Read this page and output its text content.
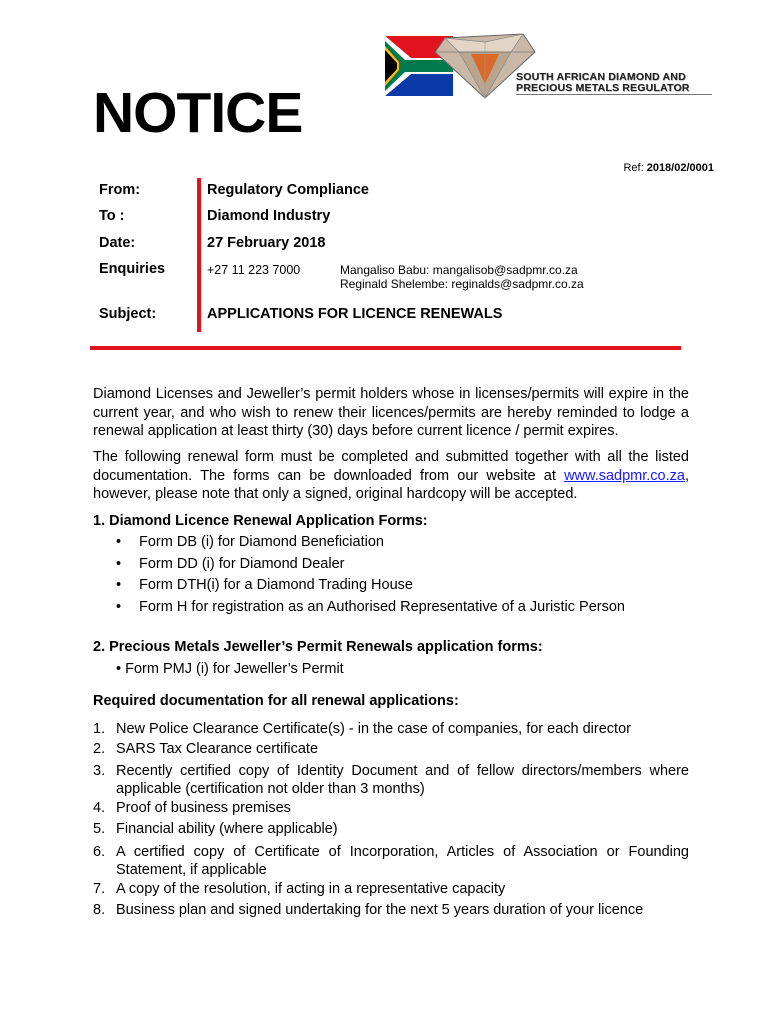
SOUTH AFRICAN DIAMOND AND
PRECIOUS METALS REGULATOR
NOTICE
Ref: 2018/02/0001
From:	Regulatory Compliance
To :	Diamond Industry
Date:	27 February 2018
Enquiries	+27 11 223 7000	Mangaliso Babu: mangalisob@sadpmr.co.za
Reginald Shelembe: reginalds@sadpmr.co.za
Subject:	APPLICATIONS FOR LICENCE RENEWALS
Diamond Licenses and Jeweller’s permit holders whose in licenses/permits will expire in the current year, and who wish to renew their licences/permits are hereby reminded to lodge a renewal application at least thirty (30) days before current licence / permit expires.
The following renewal form must be completed and submitted together with all the listed documentation. The forms can be downloaded from our website at www.sadpmr.co.za, however, please note that only a signed, original hardcopy will be accepted.
1. Diamond Licence Renewal Application Forms:
• Form DB (i) for Diamond Beneficiation
• Form DD (i) for Diamond Dealer
• Form DTH(i) for a Diamond Trading House
• Form H for registration as an Authorised Representative of a Juristic Person
2. Precious Metals Jeweller’s Permit Renewals application forms:
• Form PMJ (i) for Jeweller’s Permit
Required documentation for all renewal applications:
1. New Police Clearance Certificate(s) - in the case of companies, for each director
2. SARS Tax Clearance certificate
3. Recently certified copy of Identity Document and of fellow directors/members where applicable (certification not older than 3 months)
4. Proof of business premises
5. Financial ability (where applicable)
6. A certified copy of Certificate of Incorporation, Articles of Association or Founding Statement, if applicable
7. A copy of the resolution, if acting in a representative capacity
8. Business plan and signed undertaking for the next 5 years duration of your licence
